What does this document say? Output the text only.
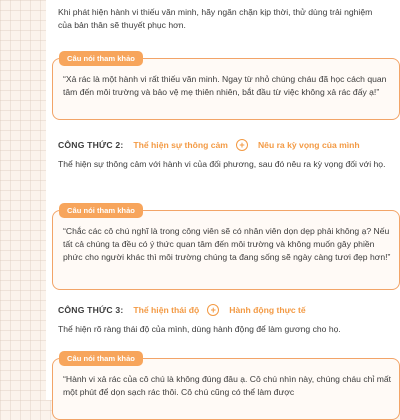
Khi phát hiện hành vi thiếu văn minh, hãy ngăn chặn kịp thời, thử dùng trải nghiệm của bản thân sẽ thuyết phục hơn.

Câu nói tham khảo

“Xả rác là một hành vi rất thiếu văn minh. Ngay từ nhỏ chúng cháu đã học cách quan tâm đến môi trường và bảo vệ mẹ thiên nhiên, bắt đầu từ việc không xả rác đấy ạ!”

CÔNG THỨC 2: Thể hiện sự thông cảm	+	Nêu ra kỳ vọng của mình

Thể hiện sự thông cảm với hành vi của đối phương, sau đó nêu ra kỳ vọng đối với họ.

Câu nói tham khảo

“Chắc các cô chú nghĩ là trong công viên sẽ có nhân viên dọn dẹp phải không ạ? Nếu tất cả chúng ta đều có ý thức quan tâm đến môi trường và không muốn gây phiền phức cho người khác thì môi trường chúng ta đang sống sẽ ngày càng tươi đẹp hơn!”

CÔNG THỨC 3: Thể hiện thái độ	+	Hành động thực tế

Thể hiện rõ ràng thái độ của mình, dùng hành động để làm gương cho họ.

Câu nói tham khảo

“Hành vi xả rác của cô chú là không đúng đâu ạ. Cô chú nhìn này, chúng cháu chỉ mất một phút để dọn sạch rác thôi. Cô chú cũng có thể làm được
